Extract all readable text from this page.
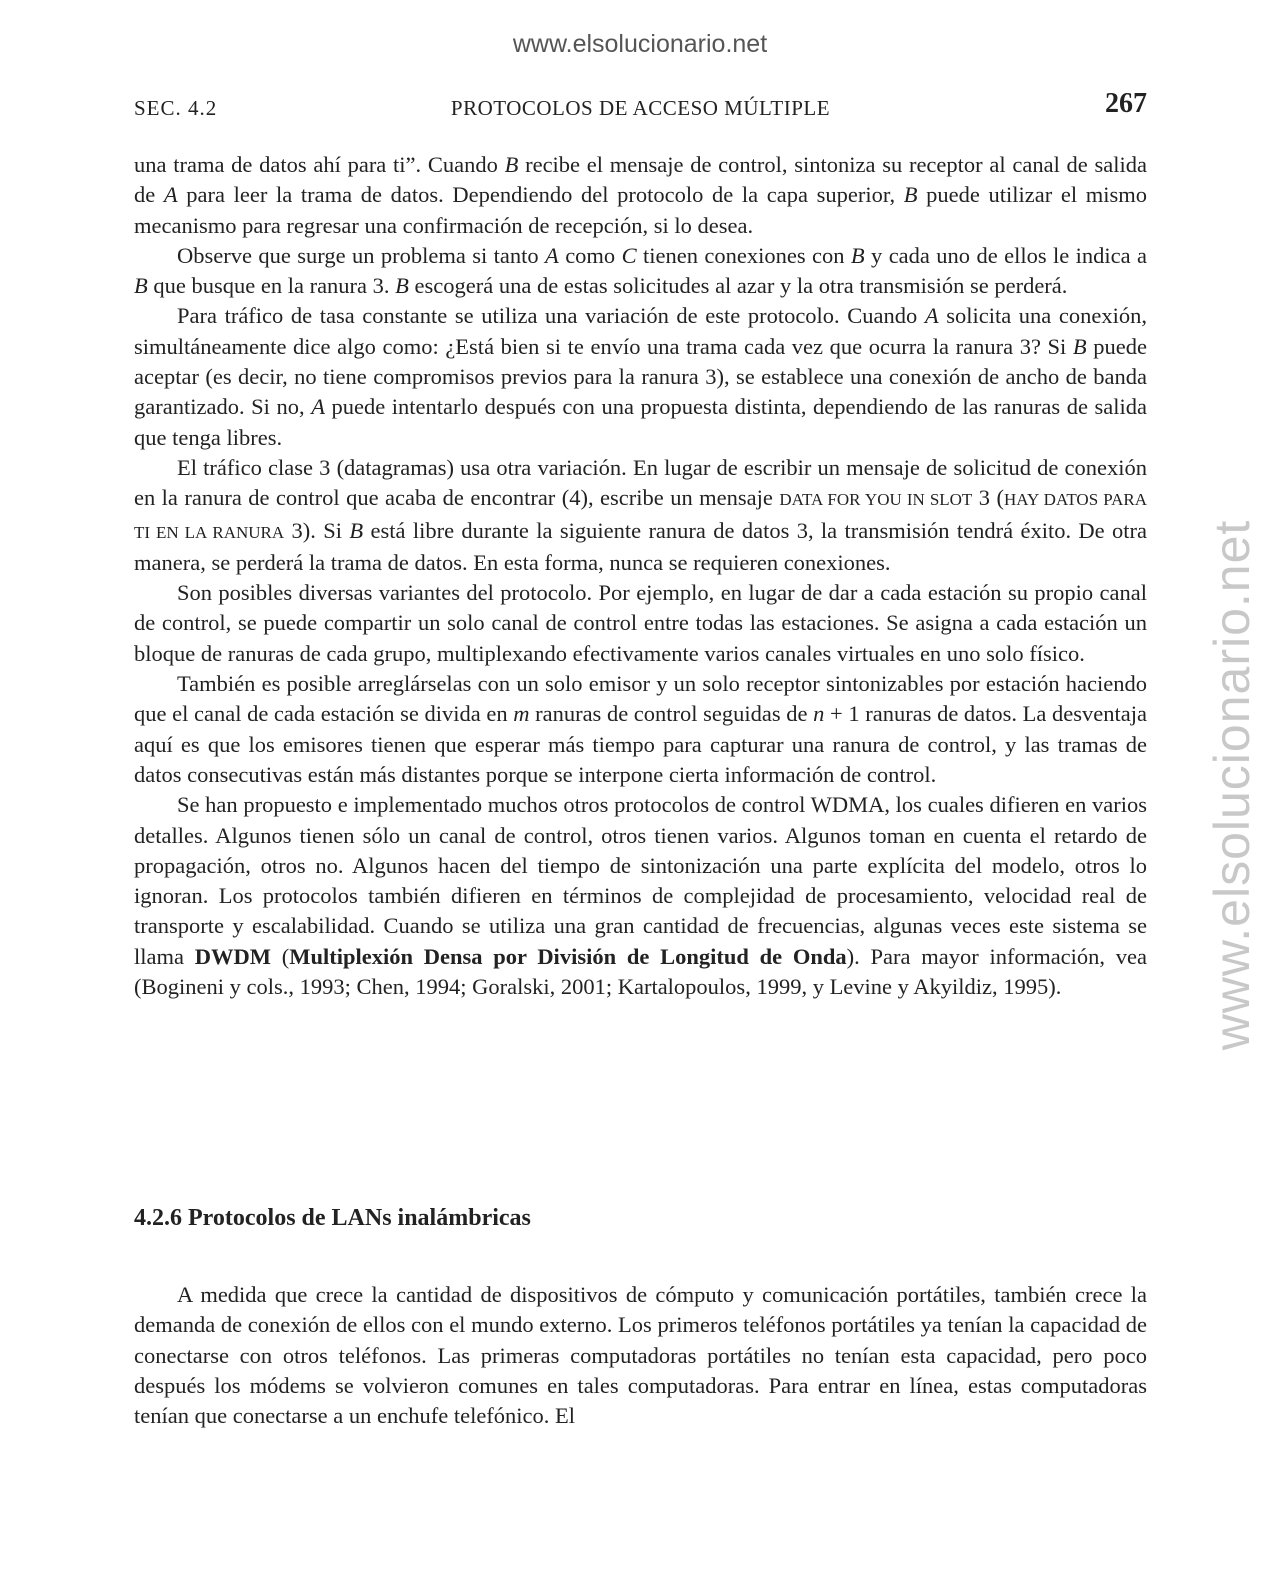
www.elsolucionario.net
www.elsolucionario.net
SEC. 4.2	PROTOCOLOS DE ACCESO MÚLTIPLE	267

una trama de datos ahí para ti”. Cuando B recibe el mensaje de control, sintoniza su receptor al canal de salida de A para leer la trama de datos. Dependiendo del protocolo de la capa superior, B puede utilizar el mismo mecanismo para regresar una confirmación de recepción, si lo desea.

Observe que surge un problema si tanto A como C tienen conexiones con B y cada uno de ellos le indica a B que busque en la ranura 3. B escogerá una de estas solicitudes al azar y la otra transmisión se perderá.

Para tráfico de tasa constante se utiliza una variación de este protocolo. Cuando A solicita una conexión, simultáneamente dice algo como: ¿Está bien si te envío una trama cada vez que ocurra la ranura 3? Si B puede aceptar (es decir, no tiene compromisos previos para la ranura 3), se establece una conexión de ancho de banda garantizado. Si no, A puede intentarlo después con una propuesta distinta, dependiendo de las ranuras de salida que tenga libres.

El tráfico clase 3 (datagramas) usa otra variación. En lugar de escribir un mensaje de solicitud de conexión en la ranura de control que acaba de encontrar (4), escribe un mensaje DATA FOR YOU IN SLOT 3 (HAY DATOS PARA TI EN LA RANURA 3). Si B está libre durante la siguiente ranura de datos 3, la transmisión tendrá éxito. De otra manera, se perderá la trama de datos. En esta forma, nunca se requieren conexiones.

Son posibles diversas variantes del protocolo. Por ejemplo, en lugar de dar a cada estación su propio canal de control, se puede compartir un solo canal de control entre todas las estaciones. Se asigna a cada estación un bloque de ranuras de cada grupo, multiplexando efectivamente varios canales virtuales en uno solo físico.

También es posible arreglárselas con un solo emisor y un solo receptor sintonizables por estación haciendo que el canal de cada estación se divida en m ranuras de control seguidas de n + 1 ranuras de datos. La desventaja aquí es que los emisores tienen que esperar más tiempo para capturar una ranura de control, y las tramas de datos consecutivas están más distantes porque se interpone cierta información de control.

Se han propuesto e implementado muchos otros protocolos de control WDMA, los cuales difieren en varios detalles. Algunos tienen sólo un canal de control, otros tienen varios. Algunos toman en cuenta el retardo de propagación, otros no. Algunos hacen del tiempo de sintonización una parte explícita del modelo, otros lo ignoran. Los protocolos también difieren en términos de complejidad de procesamiento, velocidad real de transporte y escalabilidad. Cuando se utiliza una gran cantidad de frecuencias, algunas veces este sistema se llama DWDM (Multiplexión Densa por División de Longitud de Onda). Para mayor información, vea (Bogineni y cols., 1993; Chen, 1994; Goralski, 2001; Kartalopoulos, 1999, y Levine y Akyildiz, 1995).

4.2.6 Protocolos de LANs inalámbricas

A medida que crece la cantidad de dispositivos de cómputo y comunicación portátiles, también crece la demanda de conexión de ellos con el mundo externo. Los primeros teléfonos portátiles ya tenían la capacidad de conectarse con otros teléfonos. Las primeras computadoras portátiles no tenían esta capacidad, pero poco después los módems se volvieron comunes en tales computadoras. Para entrar en línea, estas computadoras tenían que conectarse a un enchufe telefónico. El
